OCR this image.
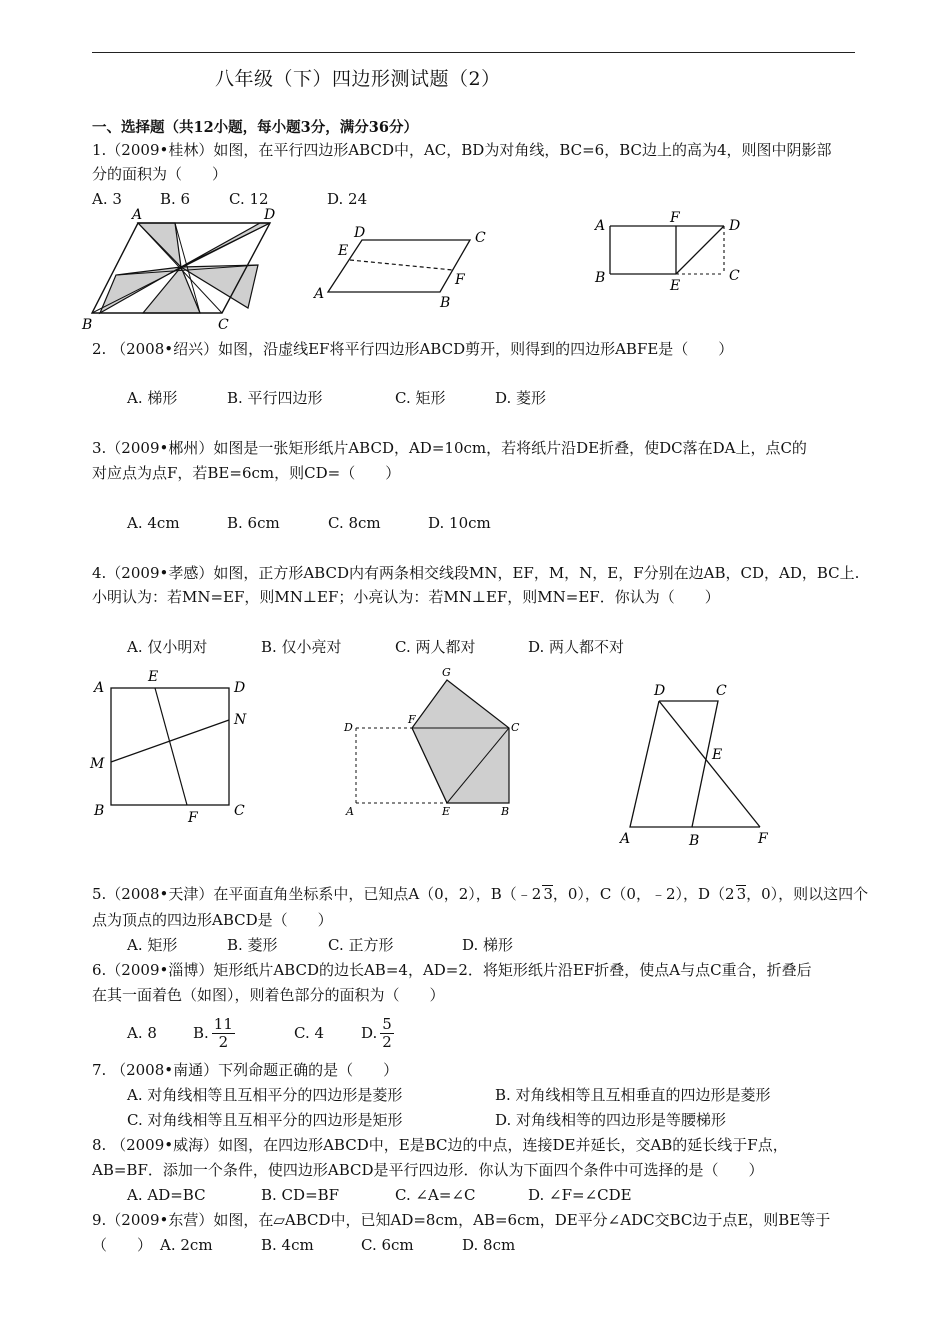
八年级（下）四边形测试题（2）
一、选择题（共12小题，每小题3分，满分36分）
1.（2009•桂林）如图，在平行四边形ABCD中，AC，BD为对角线，BC=6，BC边上的高为4，则图中阴影部
分的面积为（　　）
A. 3	B. 6	C. 12	D. 24
A	D
B	C
D	C
E
F
A
B
A	F	D
B	E
C
2. （2008•绍兴）如图，沿虚线EF将平行四边形ABCD剪开，则得到的四边形ABFE是（　　）
A. 梯形	B. 平行四边形	C. 矩形	D. 菱形
3.（2009•郴州）如图是一张矩形纸片ABCD，AD=10cm，若将纸片沿DE折叠，使DC落在DA上，点C的
对应点为点F，若BE=6cm，则CD=（　　）
A. 4cm	B. 6cm	C. 8cm	D. 10cm
4.（2009•孝感）如图，正方形ABCD内有两条相交线段MN，EF，M，N，E，F分别在边AB，CD，AD，BC上.
小明认为：若MN=EF，则MN⊥EF；小亮认为：若MN⊥EF，则MN=EF．你认为（　　）
A. 仅小明对	B. 仅小亮对	C. 两人都对	D. 两人都不对
A
E
D
N
M
B	F	C
G
D
F
C
A	E	B
D	C
E
A	B	F
5.（2008•天津）在平面直角坐标系中，已知点A（0，2），B（﹣2 3，0），C（0，﹣2），D（2 3，0），则以这四个
点为顶点的四边形ABCD是（　　）
A. 矩形	B. 菱形	C. 正方形	D. 梯形
6.（2009•淄博）矩形纸片ABCD的边长AB=4，AD=2．将矩形纸片沿EF折叠，使点A与点C重合，折叠后
在其一面着色（如图），则着色部分的面积为（　　）
A. 8 B. $\frac{11}{2}$	C. 4 D. $\frac{5}{2}$
7. （2008•南通）下列命题正确的是（　　）
A. 对角线相等且互相平分的四边形是菱形	B. 对角线相等且互相垂直的四边形是菱形
C. 对角线相等且互相平分的四边形是矩形	D. 对角线相等的四边形是等腰梯形
8. （2009•威海）如图，在四边形ABCD中，E是BC边的中点，连接DE并延长，交AB的延长线于F点，
AB=BF．添加一个条件，使四边形ABCD是平行四边形．你认为下面四个条件中可选择的是（　　）
A. AD=BC	B. CD=BF	C. ∠A=∠C	D. ∠F=∠CDE
9.（2009•东营）如图，在▱ABCD中，已知AD=8cm，AB=6cm，DE平分∠ADC交BC边于点E，则BE等于
（　　） A. 2cm	B. 4cm	C. 6cm	D. 8cm
